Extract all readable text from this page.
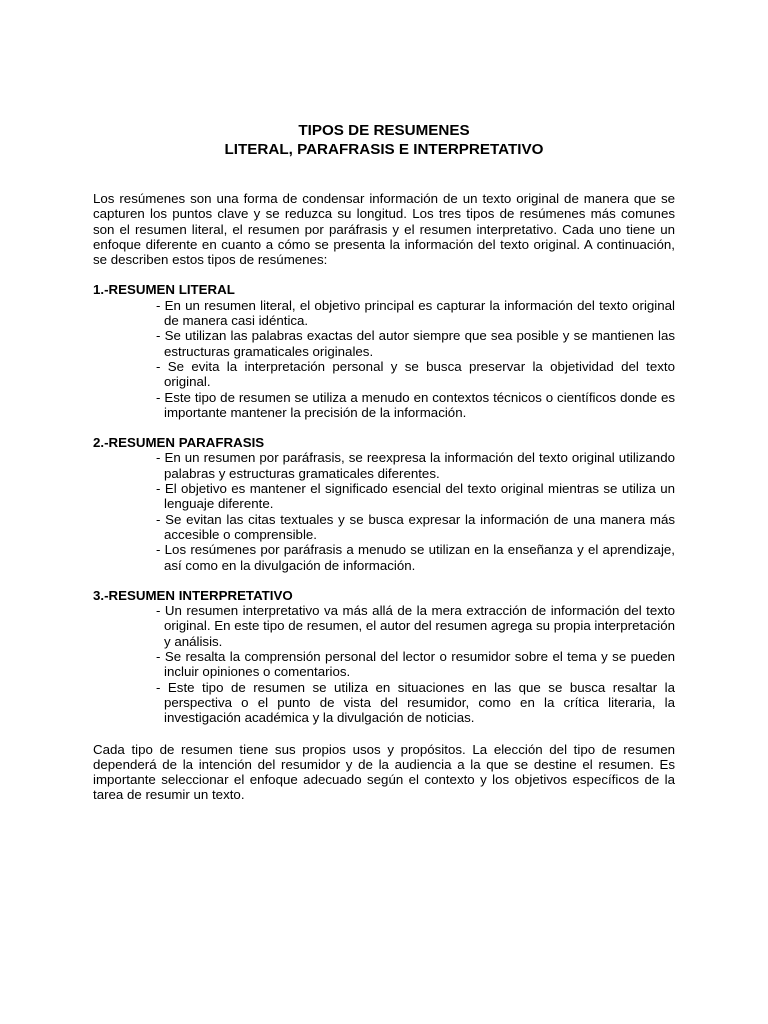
TIPOS DE RESUMENES
LITERAL, PARAFRASIS E INTERPRETATIVO

Los resúmenes son una forma de condensar información de un texto original de manera que se capturen los puntos clave y se reduzca su longitud. Los tres tipos de resúmenes más comunes son el resumen literal, el resumen por paráfrasis y el resumen interpretativo. Cada uno tiene un enfoque diferente en cuanto a cómo se presenta la información del texto original. A continuación, se describen estos tipos de resúmenes:

1.-RESUMEN LITERAL
- En un resumen literal, el objetivo principal es capturar la información del texto original de manera casi idéntica.
- Se utilizan las palabras exactas del autor siempre que sea posible y se mantienen las estructuras gramaticales originales.
- Se evita la interpretación personal y se busca preservar la objetividad del texto original.
- Este tipo de resumen se utiliza a menudo en contextos técnicos o científicos donde es importante mantener la precisión de la información.
2.-RESUMEN PARAFRASIS
- En un resumen por paráfrasis, se reexpresa la información del texto original utilizando palabras y estructuras gramaticales diferentes.
- El objetivo es mantener el significado esencial del texto original mientras se utiliza un lenguaje diferente.
- Se evitan las citas textuales y se busca expresar la información de una manera más accesible o comprensible.
- Los resúmenes por paráfrasis a menudo se utilizan en la enseñanza y el aprendizaje, así como en la divulgación de información.
3.-RESUMEN INTERPRETATIVO
- Un resumen interpretativo va más allá de la mera extracción de información del texto original. En este tipo de resumen, el autor del resumen agrega su propia interpretación y análisis.
- Se resalta la comprensión personal del lector o resumidor sobre el tema y se pueden incluir opiniones o comentarios.
- Este tipo de resumen se utiliza en situaciones en las que se busca resaltar la perspectiva o el punto de vista del resumidor, como en la crítica literaria, la investigación académica y la divulgación de noticias.

Cada tipo de resumen tiene sus propios usos y propósitos. La elección del tipo de resumen dependerá de la intención del resumidor y de la audiencia a la que se destine el resumen. Es importante seleccionar el enfoque adecuado según el contexto y los objetivos específicos de la tarea de resumir un texto.
